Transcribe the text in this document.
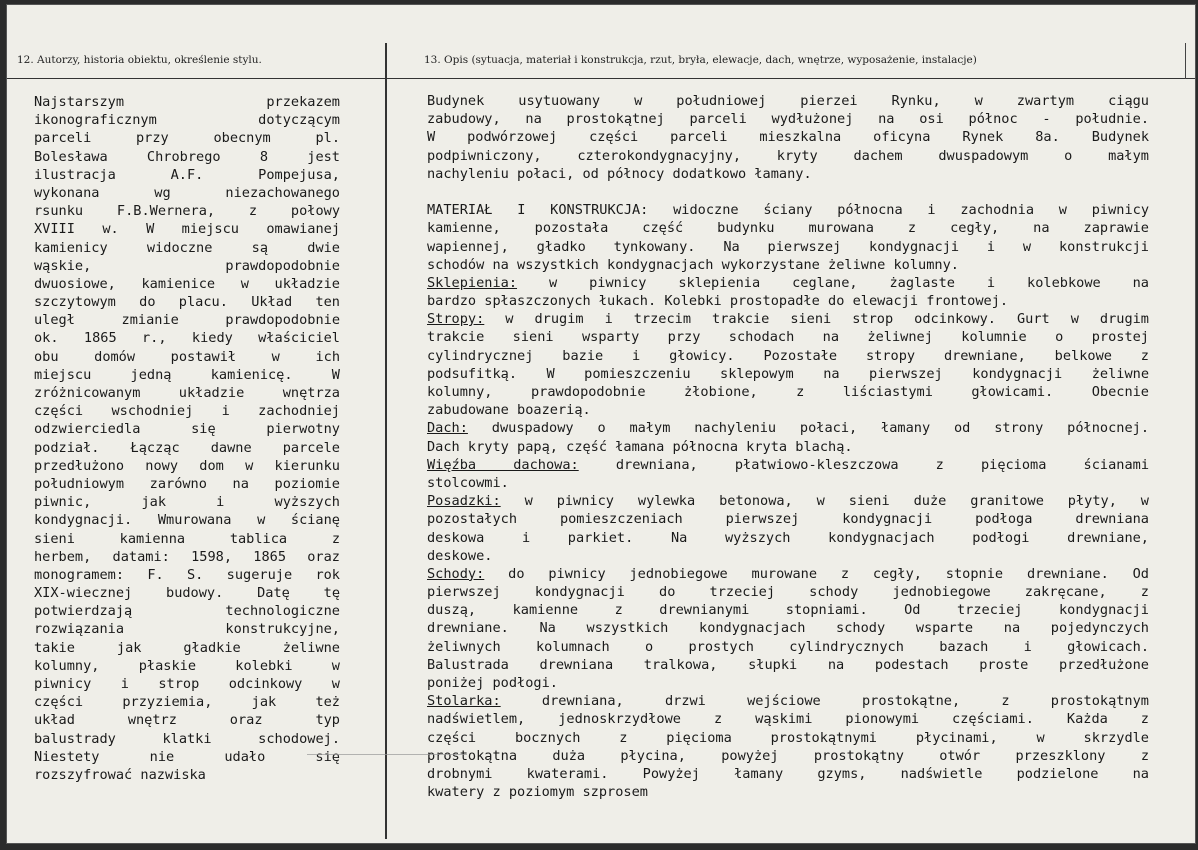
12. Autorzy, historia obiektu, określenie stylu.	13. Opis (sytuacja, materiał i konstrukcja, rzut, bryła, elewacje, dach, wnętrze, wyposażenie, instalacje)
Najstarszym przekazem
ikonograficznym dotyczącym
parceli przy obecnym pl.
Bolesława Chrobrego 8 jest
ilustracja A.F. Pompejusa,
wykonana wg niezachowanego
rsunku F.B.Wernera, z połowy
XVIII w. W miejscu omawianej
kamienicy widoczne są dwie
wąskie, prawdopodobnie
dwuosiowe, kamienice w układzie
szczytowym do placu. Układ ten
uległ zmianie prawdopodobnie
ok. 1865 r., kiedy właściciel
obu domów postawił w ich
miejscu jedną kamienicę. W
zróżnicowanym układzie wnętrza
części wschodniej i zachodniej
odzwierciedla się pierwotny
podział. Łącząc dawne parcele
przedłużono nowy dom w kierunku
południowym zarówno na poziomie
piwnic, jak i wyższych
kondygnacji. Wmurowana w ścianę
sieni kamienna tablica z
herbem, datami: 1598, 1865 oraz
monogramem: F. S. sugeruje rok
XIX-wiecznej budowy. Datę tę
potwierdzają technologiczne
rozwiązania konstrukcyjne,
takie jak gładkie żeliwne
kolumny, płaskie kolebki w
piwnicy i strop odcinkowy w
części przyziemia, jak też
układ wnętrz oraz typ
balustrady klatki schodowej.
Niestety nie udało się
rozszyfrować nazwiska
Budynek usytuowany w południowej pierzei Rynku, w zwartym ciągu
zabudowy, na prostokątnej parceli wydłużonej na osi północ - południe.
W podwórzowej części parceli mieszkalna oficyna Rynek 8a. Budynek
podpiwniczony, czterokondygnacyjny, kryty dachem dwuspadowym o małym
nachyleniu połaci, od północy dodatkowo łamany.
MATERIAŁ I KONSTRUKCJA: widoczne ściany północna i zachodnia w piwnicy
kamienne, pozostała część budynku murowana z cegły, na zaprawie
wapiennej, gładko tynkowany. Na pierwszej kondygnacji i w konstrukcji
schodów na wszystkich kondygnacjach wykorzystane żeliwne kolumny.
Sklepienia: w piwnicy sklepienia ceglane, żaglaste i kolebkowe na
bardzo spłaszczonych łukach. Kolebki prostopadłe do elewacji frontowej.
Stropy: w drugim i trzecim trakcie sieni strop odcinkowy. Gurt w drugim
trakcie sieni wsparty przy schodach na żeliwnej kolumnie o prostej
cylindrycznej bazie i głowicy. Pozostałe stropy drewniane, belkowe z
podsufitką. W pomieszczeniu sklepowym na pierwszej kondygnacji żeliwne
kolumny, prawdopodobnie żłobione, z liściastymi głowicami. Obecnie
zabudowane boazerią.
Dach: dwuspadowy o małym nachyleniu połaci, łamany od strony północnej.
Dach kryty papą, część łamana północna kryta blachą.
Więźba dachowa:	drewniana, płatwiowo-kleszczowa z pięcioma ścianami
stolcowmi.
Posadzki: w piwnicy wylewka betonowa, w sieni duże granitowe płyty, w
pozostałych pomieszczeniach pierwszej kondygnacji podłoga drewniana
deskowa i parkiet. Na wyższych kondygnacjach podłogi drewniane,
deskowe.
Schody: do piwnicy jednobiegowe murowane z cegły, stopnie drewniane. Od
pierwszej kondygnacji do trzeciej schody jednobiegowe zakręcane, z
duszą, kamienne z drewnianymi stopniami. Od trzeciej kondygnacji
drewniane. Na wszystkich kondygnacjach schody wsparte na pojedynczych
żeliwnych kolumnach o prostych cylindrycznych bazach i głowicach.
Balustrada drewniana tralkowa, słupki na podestach proste przedłużone
poniżej podłogi.
Stolarka:	drewniana, drzwi wejściowe prostokątne, z prostokątnym
nadświetlem, jednoskrzydłowe z wąskimi pionowymi częściami. Każda z
części bocznych z pięcioma prostokątnymi płycinami, w skrzydle
prostokątna duża płycina, powyżej prostokątny otwór przeszklony z
drobnymi kwaterami. Powyżej łamany gzyms, nadświetle podzielone na
kwatery z poziomym szprosem
